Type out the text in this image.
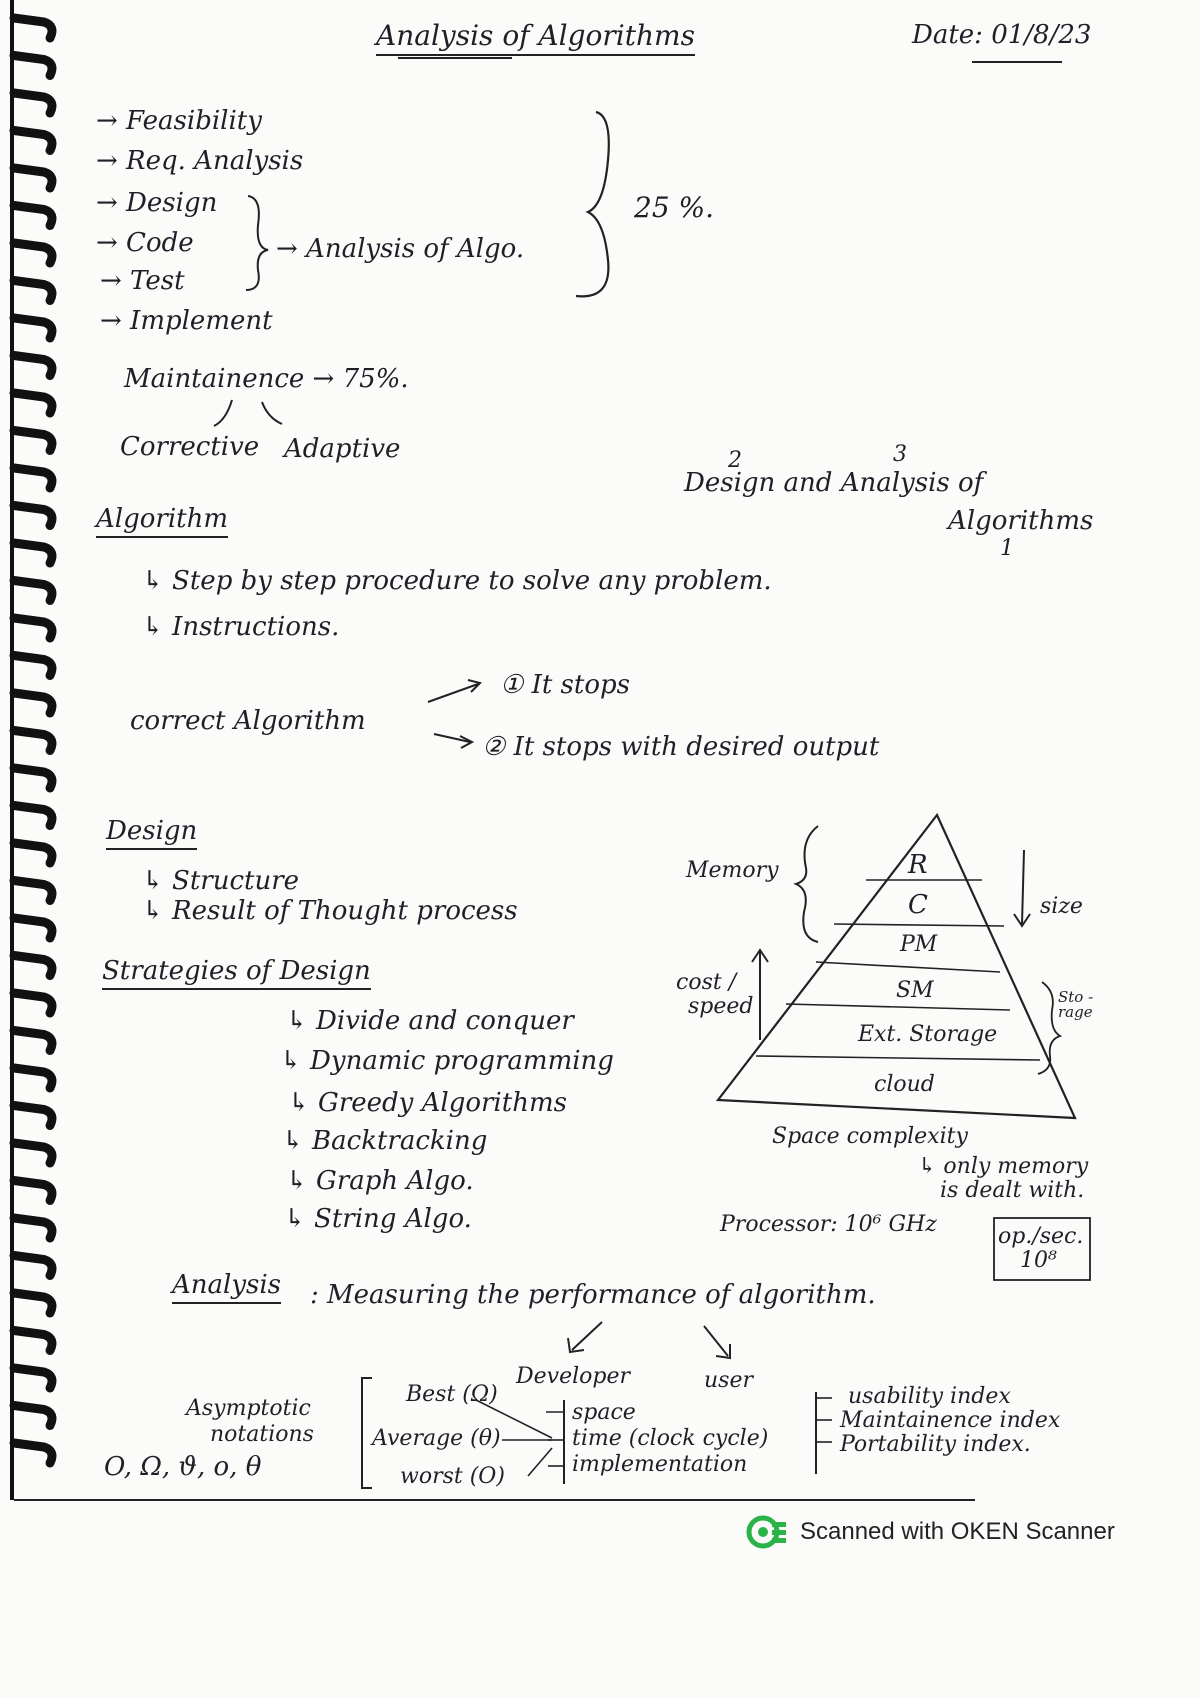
Analysis of Algorithms	Date: 01/8/23
→ Feasibility
→ Req. Analysis
→ Design
→ Code
→ Test
→ Implement
→ Analysis of Algo.
25 %.
Maintainence → 75%.
Corrective Adaptive	2	3
Design and Analysis of
Algorithms
1
Algorithm
↳ Step by step procedure to solve any problem.
↳ Instructions.
correct Algorithm
① It stops
② It stops with desired output
Design
↳ Structure
↳ Result of Thought process
Strategies of Design
↳ Divide and conquer
↳ Dynamic programming
↳ Greedy Algorithms
↳ Backtracking
↳ Graph Algo.
↳ String Algo.
R
C
PM
SM
Ext. Storage
cloud
Memory
size
cost /
speed	Sto -rage
Space complexity
↳ only memory
is dealt with.
Processor: 10⁶ GHz	op./sec.
10⁸
Analysis : Measuring the performance of algorithm.
Developer	user
Asymptotic
notations
O, Ω, ϑ, o, θ
Best (Ω)
Average (θ)
worst (O)
space
time (clock cycle)
implementation
usability index
Maintainence index
Portability index.
Scanned with OKEN Scanner
